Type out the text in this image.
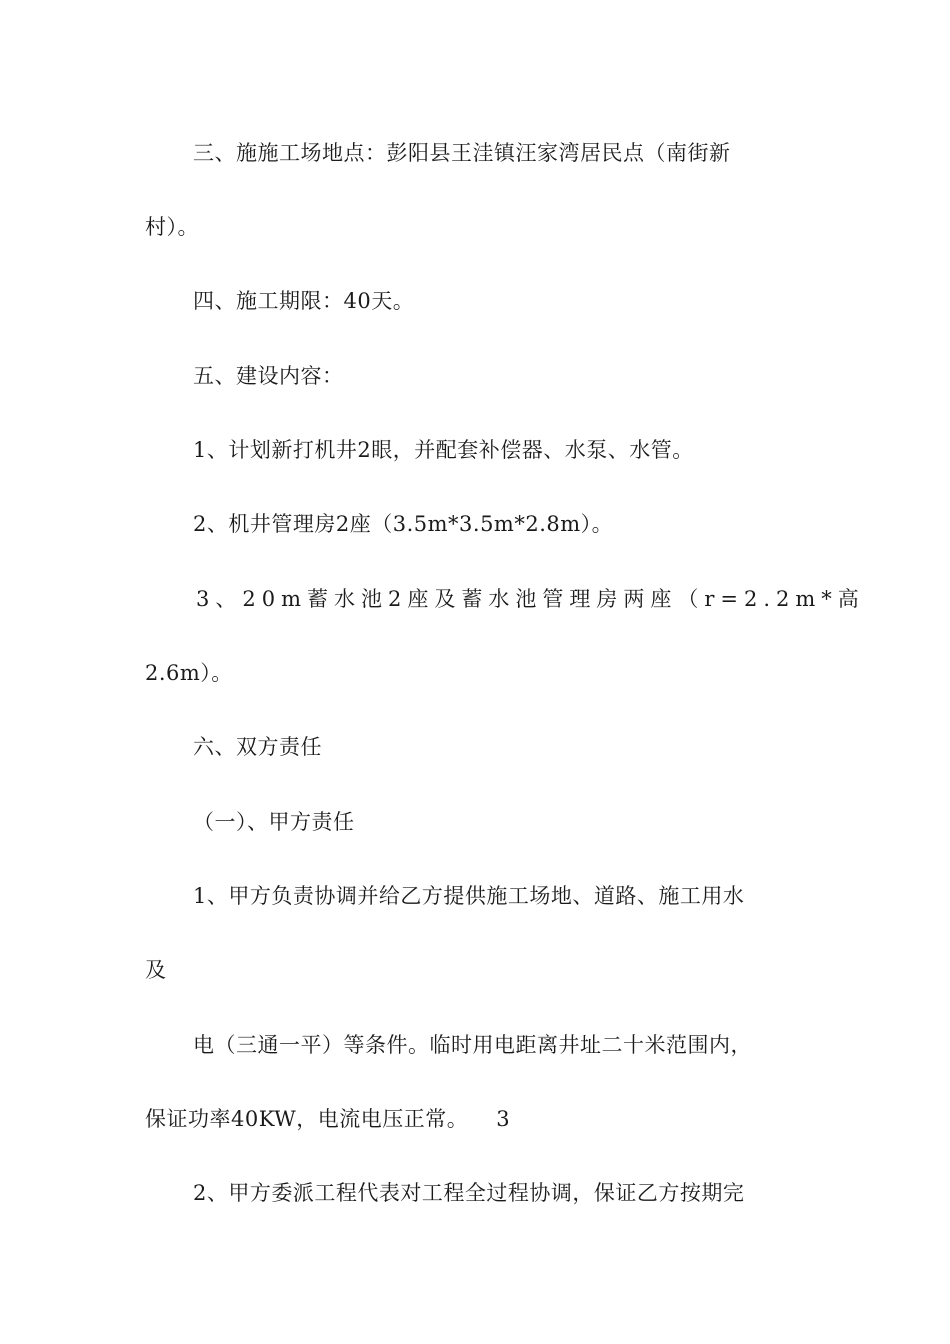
三、施施工场地点：彭阳县王洼镇汪家湾居民点（南街新

村）。

四、施工期限：40天。

五、建设内容：

1、计划新打机井2眼，并配套补偿器、水泵、水管。

2、机井管理房2座（3.5m*3.5m*2.8m）。

3、20m蓄水池2座及蓄水池管理房两座（r=2.2m*高

2.6m）。

六、双方责任

（一）、甲方责任

1、甲方负责协调并给乙方提供施工场地、道路、施工用水

及

电（三通一平）等条件。临时用电距离井址二十米范围内，

保证功率40KW，电流电压正常。 3

2、甲方委派工程代表对工程全过程协调，保证乙方按期完
